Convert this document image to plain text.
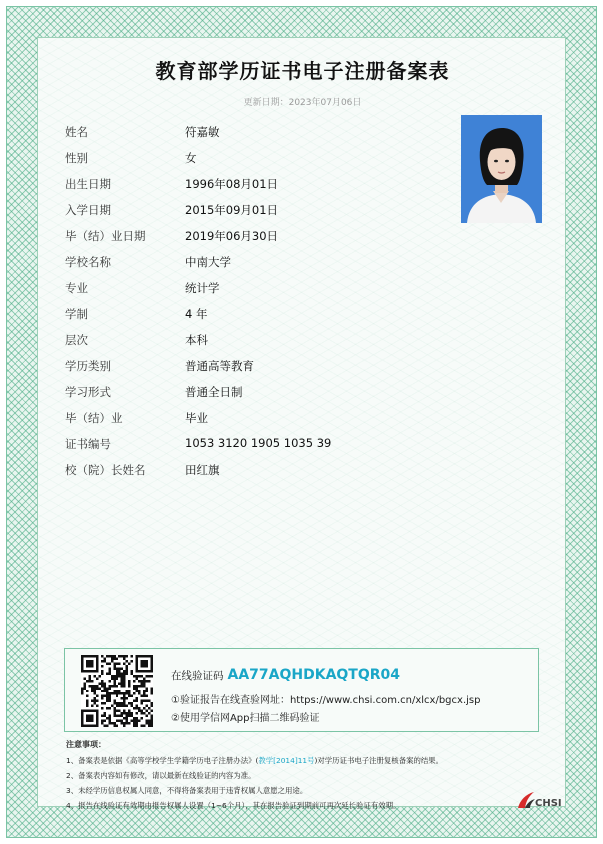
教育部学历证书电子注册备案表
更新日期：2023年07月06日
姓名	符嘉敏
性别	女
出生日期	1996年08月01日
入学日期	2015年09月01日
毕（结）业日期	2019年06月30日
学校名称	中南大学
专业	统计学
学制	4 年
层次	本科
学历类别	普通高等教育
学习形式	普通全日制
毕（结）业	毕业
证书编号	1053 3120 1905 1035 39
校（院）长姓名	田红旗
在线验证码 AA77AQHDKAQTQR04
①验证报告在线查验网址：https://www.chsi.com.cn/xlcx/bgcx.jsp
②使用学信网App扫描二维码验证
注意事项：
1、备案表是依据《高等学校学生学籍学历电子注册办法》(教学[2014]11号)对学历证书电子注册复核备案的结果。
2、备案表内容如有修改，请以最新在线验证的内容为准。
3、未经学历信息权属人同意，不得将备案表用于违背权属人意愿之用途。
4、报告在线验证有效期由报告权属人设置（1~6个月），其在报告验证到期前可再次延长验证有效期。	CHSI
